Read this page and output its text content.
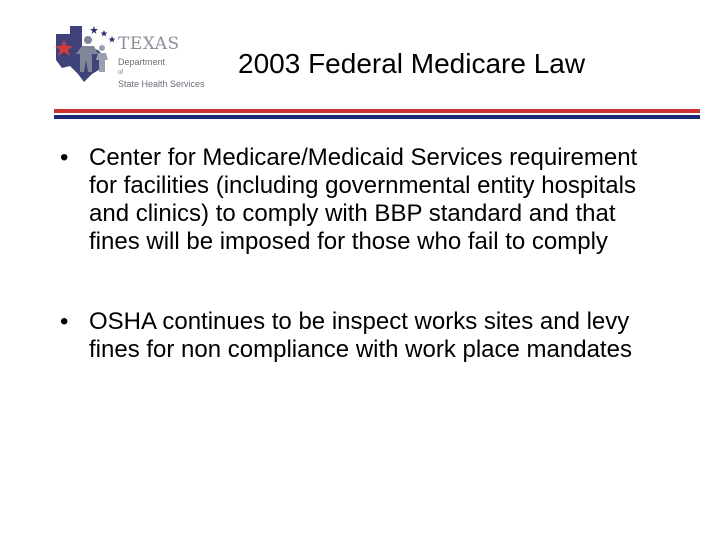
TEXAS
Department
of
State Health Services
2003 Federal Medicare Law
• Center for Medicare/Medicaid Services requirement for facilities (including governmental entity hospitals and clinics) to comply with BBP standard and that fines will be imposed for those who fail to comply
• OSHA continues to be inspect works sites and levy fines for non compliance with work place mandates
